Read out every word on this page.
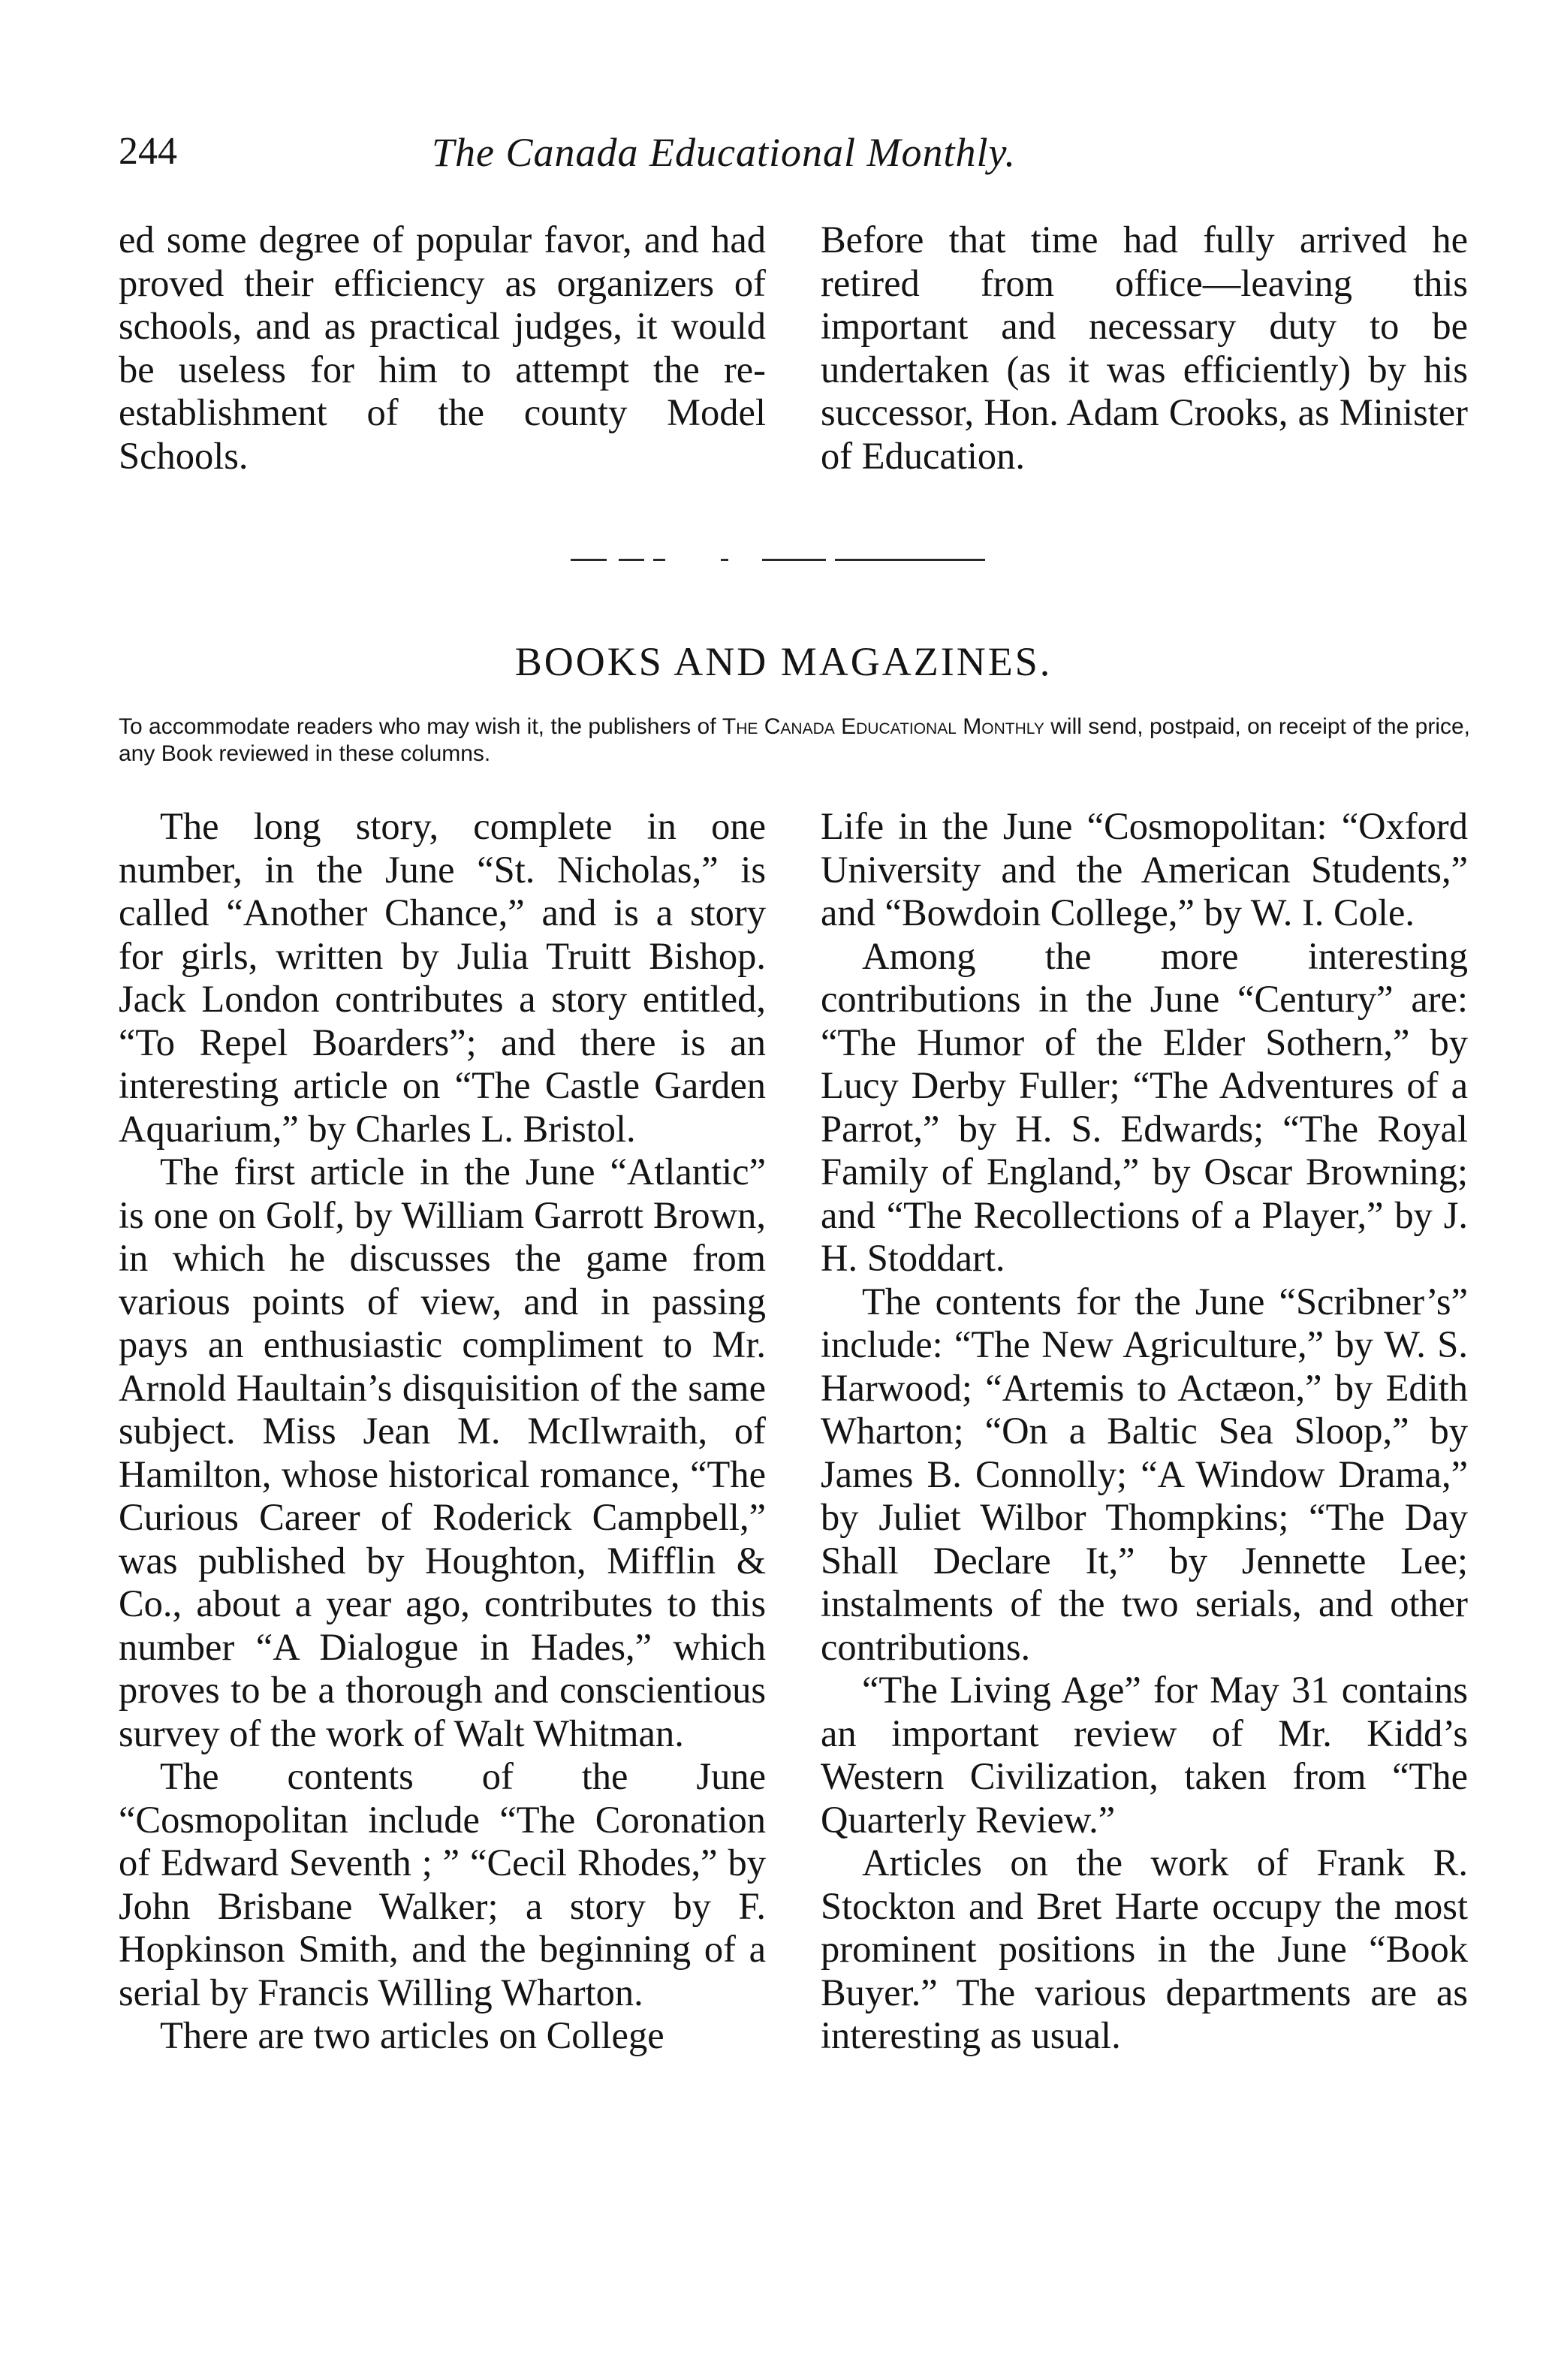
244	The Canada Educational Monthly.

ed some degree of popular favor, and had proved their efficiency as organizers of schools, and as practical judges, it would be useless for him to attempt the re-establishment of the county Model Schools.

Before that time had fully arrived he retired from office—leaving this important and necessary duty to be undertaken (as it was efficiently) by his successor, Hon. Adam Crooks, as Minister of Education.

BOOKS AND MAGAZINES.
To accommodate readers who may wish it, the publishers of The Canada Educational Monthly will send, postpaid, on receipt of the price, any Book reviewed in these columns.

The long story, complete in one number, in the June “St. Nicholas,” is called “Another Chance,” and is a story for girls, written by Julia Truitt Bishop. Jack London contributes a story entitled, “To Repel Boarders”; and there is an interesting article on “The Castle Garden Aquarium,” by Charles L. Bristol.

The first article in the June “Atlantic” is one on Golf, by William Garrott Brown, in which he discusses the game from various points of view, and in passing pays an enthusiastic compliment to Mr. Arnold Haultain’s disquisition of the same subject. Miss Jean M. McIlwraith, of Hamilton, whose historical romance, “The Curious Career of Roderick Campbell,” was published by Houghton, Mifflin & Co., about a year ago, contributes to this number “A Dialogue in Hades,” which proves to be a thorough and conscientious survey of the work of Walt Whitman.

The contents of the June “Cosmopolitan include “The Coronation of Edward Seventh ; ” “Cecil Rhodes,” by John Brisbane Walker; a story by F. Hopkinson Smith, and the beginning of a serial by Francis Willing Wharton.

There are two articles on College

Life in the June “Cosmopolitan: “Oxford University and the American Students,” and “Bowdoin College,” by W. I. Cole.

Among the more interesting contributions in the June “Century” are: “The Humor of the Elder Sothern,” by Lucy Derby Fuller; “The Adventures of a Parrot,” by H. S. Edwards; “The Royal Family of England,” by Oscar Browning; and “The Recollections of a Player,” by J. H. Stoddart.

The contents for the June “Scribner’s” include: “The New Agriculture,” by W. S. Harwood; “Artemis to Actæon,” by Edith Wharton; “On a Baltic Sea Sloop,” by James B. Connolly; “A Window Drama,” by Juliet Wilbor Thompkins; “The Day Shall Declare It,” by Jennette Lee; instalments of the two serials, and other contributions.

“The Living Age” for May 31 contains an important review of Mr. Kidd’s Western Civilization, taken from “The Quarterly Review.”

Articles on the work of Frank R. Stockton and Bret Harte occupy the most prominent positions in the June “Book Buyer.” The various departments are as interesting as usual.
